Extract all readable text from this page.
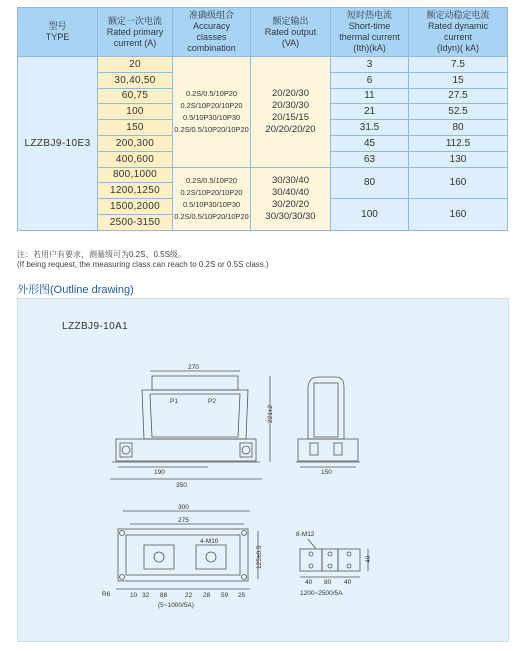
型号
TYPE	额定一次电流
Rated primary
current (A)	准确级组合
Accuracy
classes
combination	额定输出
Rated output
(VA)	短时热电流
Short-time
thermal current
(Ith)(kA)	额定动稳定电流
Rated dynamic
current
(Idyn)( kA)

LZZBJ9-10E3	20	0.2S/0.5/10P20
0.2S/10P20/10P20
0.5/10P30/10P30
0.2S/0.5/10P20/10P20	20/20/30
20/30/30
20/15/15
20/20/20/20	3	7.5
	30,40,50			6	15
	60,75			11	27.5
	100			21	52.5
	150			31.5	80
	200,300			45	112.5
	400,600			63	130
	800,1000	0.2S/0.5/10P20
0.2S/10P20/10P20
0.5/10P30/10P30
0.2S/0.5/10P20/10P20	30/30/40
30/40/40
30/20/20
30/30/30/30	80	160
	1200,1250				
	1500,2000			100	160
	2500-3150				
注：若用户有要求，测量级可为0.2S、0.5S级。
(If being request, the measuring class can reach to 0.2S or 0.5S class.)
外形图(Outline drawing)
LZZBJ9-10A1
270
P1	P2
221±2
190
350
150
300
275
4-M10
125±0.5
R6	10 32 88	22 28 59 25
(5~1000/5A)
8-M12
40
40 80 40
1200~2500/5A
